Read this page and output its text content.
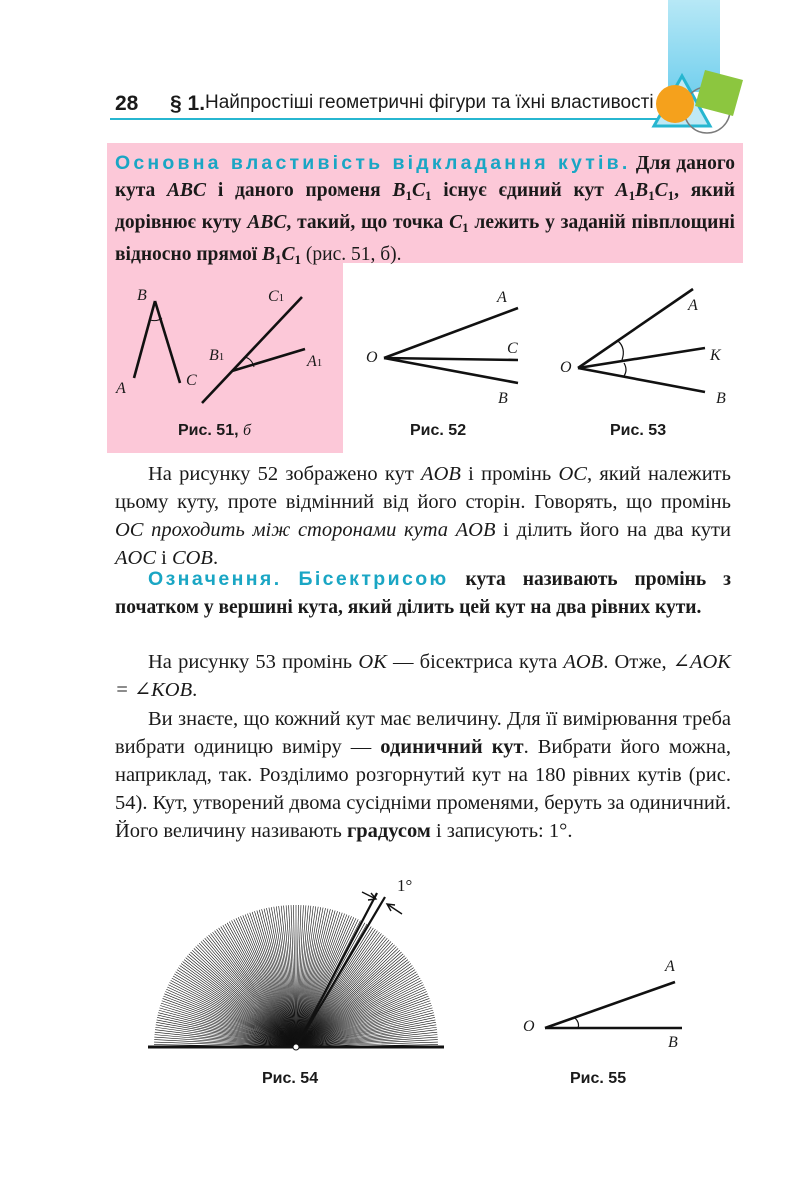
28 § 1. Найпростіші геометричні фігури та їхні властивості
Основна властивість відкладання кутів. Для даного кута ABC і даного променя $B_1C_1$ існує єдиний кут $A_1B_1C_1$, який дорівнює куту ABC, такий, що точка $C_1$ лежить у заданій півплощині відносно прямої $B_1C_1$ (рис. 51, б).
B
A	C
C1
B1	A1
Рис. 51, б
O
A
C
B
Рис. 52
O
A
K
B
Рис. 53
На рисунку 52 зображено кут AOB і промінь OC, який належить цьому куту, проте відмінний від його сторін. Говорять, що промінь OC проходить між сторонами кута AOB і ділить його на два кути AOC і COB.
Означення. Бісектрисою кута називають промінь з початком у вершині кута, який ділить цей кут на два рівних кути.
На рисунку 53 промінь OK — бісектриса кута AOB. Отже, ∠AOK = ∠KOB.
Ви знаєте, що кожний кут має величину. Для її вимірювання треба вибрати одиницю виміру — одиничний кут. Вибрати його можна, наприклад, так. Розділимо розгорнутий кут на 180 рівних кутів (рис. 54). Кут, утворений двома сусідніми променями, беруть за одиничний. Його величину називають градусом і записують: 1°.
1°
Рис. 54
O
A
B
Рис. 55
